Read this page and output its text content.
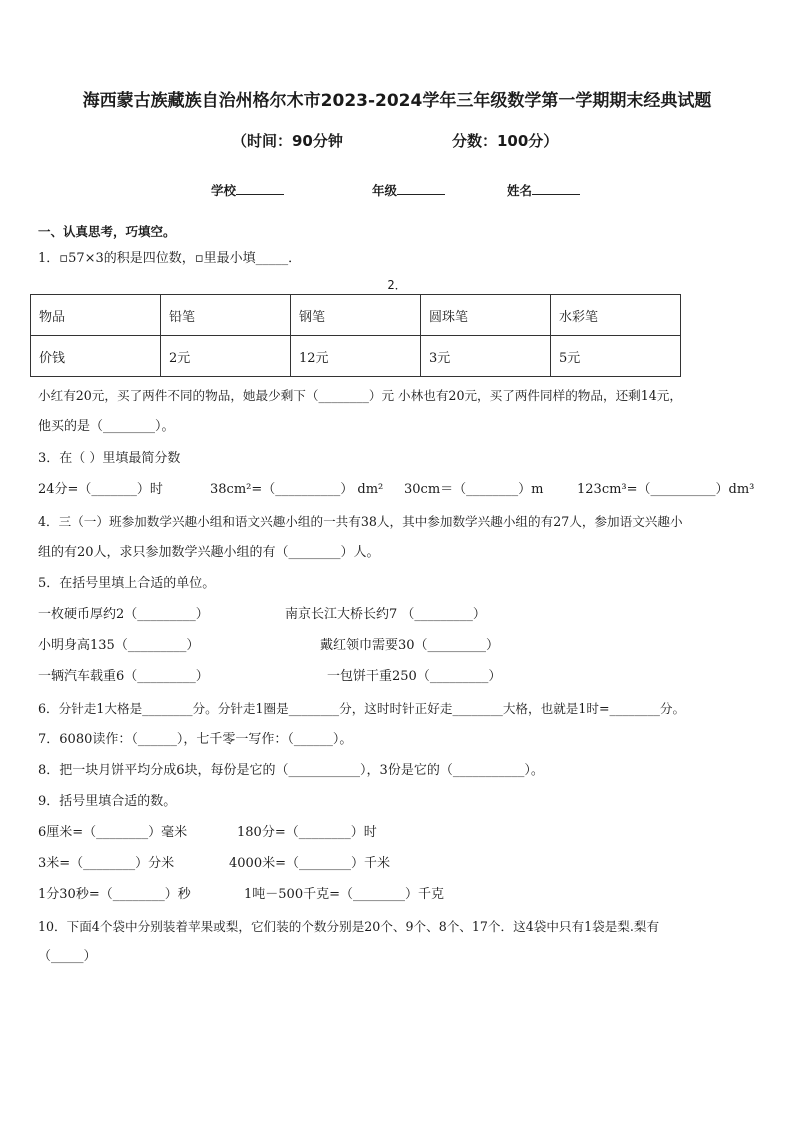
海西蒙古族藏族自治州格尔木市2023-2024学年三年级数学第一学期期末经典试题
（时间：90分钟	分数：100分）
学校	年级	姓名
一、认真思考，巧填空。
1．▫57×3的积是四位数，▫里最小填_____．
2．
物品	铅笔	钢笔	圆珠笔	水彩笔
价钱	2元	12元	3元	5元
小红有20元，买了两件不同的物品，她最少剩下（________）元 小林也有20元，买了两件同样的物品，还剩14元，
他买的是（________）。
3．在（ ）里填最简分数
24分=（_______）时	38cm²=（__________） dm² 30cm＝（________）m	123cm³=（__________）dm³
4．三（一）班参加数学兴趣小组和语文兴趣小组的一共有38人，其中参加数学兴趣小组的有27人，参加语文兴趣小
组的有20人，求只参加数学兴趣小组的有（________）人。
5．在括号里填上合适的单位。
一枚硬币厚约2（_________）	南京长江大桥长约7 （_________）
小明身高135（_________）	戴红领巾需要30（_________）
一辆汽车载重6（_________）	一包饼干重250（_________）
6．分针走1大格是________分。分针走1圈是________分，这时时针正好走________大格，也就是1时=________分。
7．6080读作：（______），七千零一写作：（______）。
8．把一块月饼平均分成6块，每份是它的（___________），3份是它的（___________）。
9．括号里填合适的数。
6厘米=（________）毫米	180分=（________）时
3米=（________）分米	4000米=（________）千米
1分30秒=（________）秒	1吨－500千克=（________）千克
10．下面4个袋中分别装着苹果或梨，它们装的个数分别是20个、9个、8个、17个．这4袋中只有1袋是梨.梨有
（_____）
